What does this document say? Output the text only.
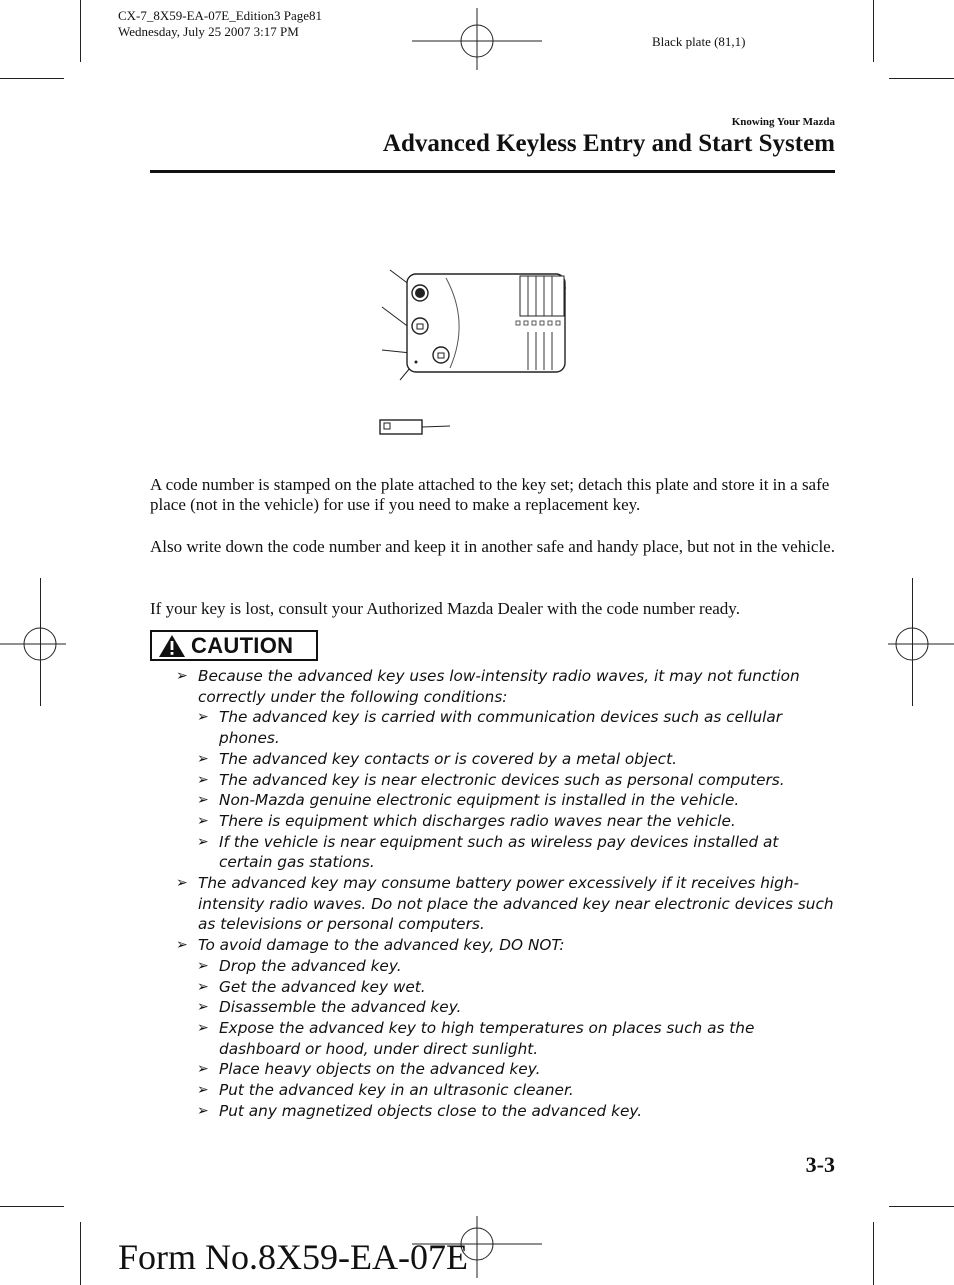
CX-7_8X59-EA-07E_Edition3 Page81
Wednesday, July 25 2007 3:17 PM
Black plate (81,1)
Knowing Your Mazda
Advanced Keyless Entry and Start System

A code number is stamped on the plate attached to the key set; detach this plate and store it in a safe place (not in the vehicle) for use if you need to make a replacement key.

Also write down the code number and keep it in another safe and handy place, but not in the vehicle.

If your key is lost, consult your Authorized Mazda Dealer with the code number ready.

CAUTION
➢ Because the advanced key uses low-intensity radio waves, it may not function correctly under the following conditions:
➢ The advanced key is carried with communication devices such as cellular phones.
➢ The advanced key contacts or is covered by a metal object.
➢ The advanced key is near electronic devices such as personal computers.
➢ Non-Mazda genuine electronic equipment is installed in the vehicle.
➢ There is equipment which discharges radio waves near the vehicle.
➢ If the vehicle is near equipment such as wireless pay devices installed at certain gas stations.
➢ The advanced key may consume battery power excessively if it receives high-intensity radio waves. Do not place the advanced key near electronic devices such as televisions or personal computers.
➢ To avoid damage to the advanced key, DO NOT:
➢ Drop the advanced key.
➢ Get the advanced key wet.
➢ Disassemble the advanced key.
➢ Expose the advanced key to high temperatures on places such as the dashboard or hood, under direct sunlight.
➢ Place heavy objects on the advanced key.
➢ Put the advanced key in an ultrasonic cleaner.
➢ Put any magnetized objects close to the advanced key.
3-3
Form No.8X59-EA-07E
